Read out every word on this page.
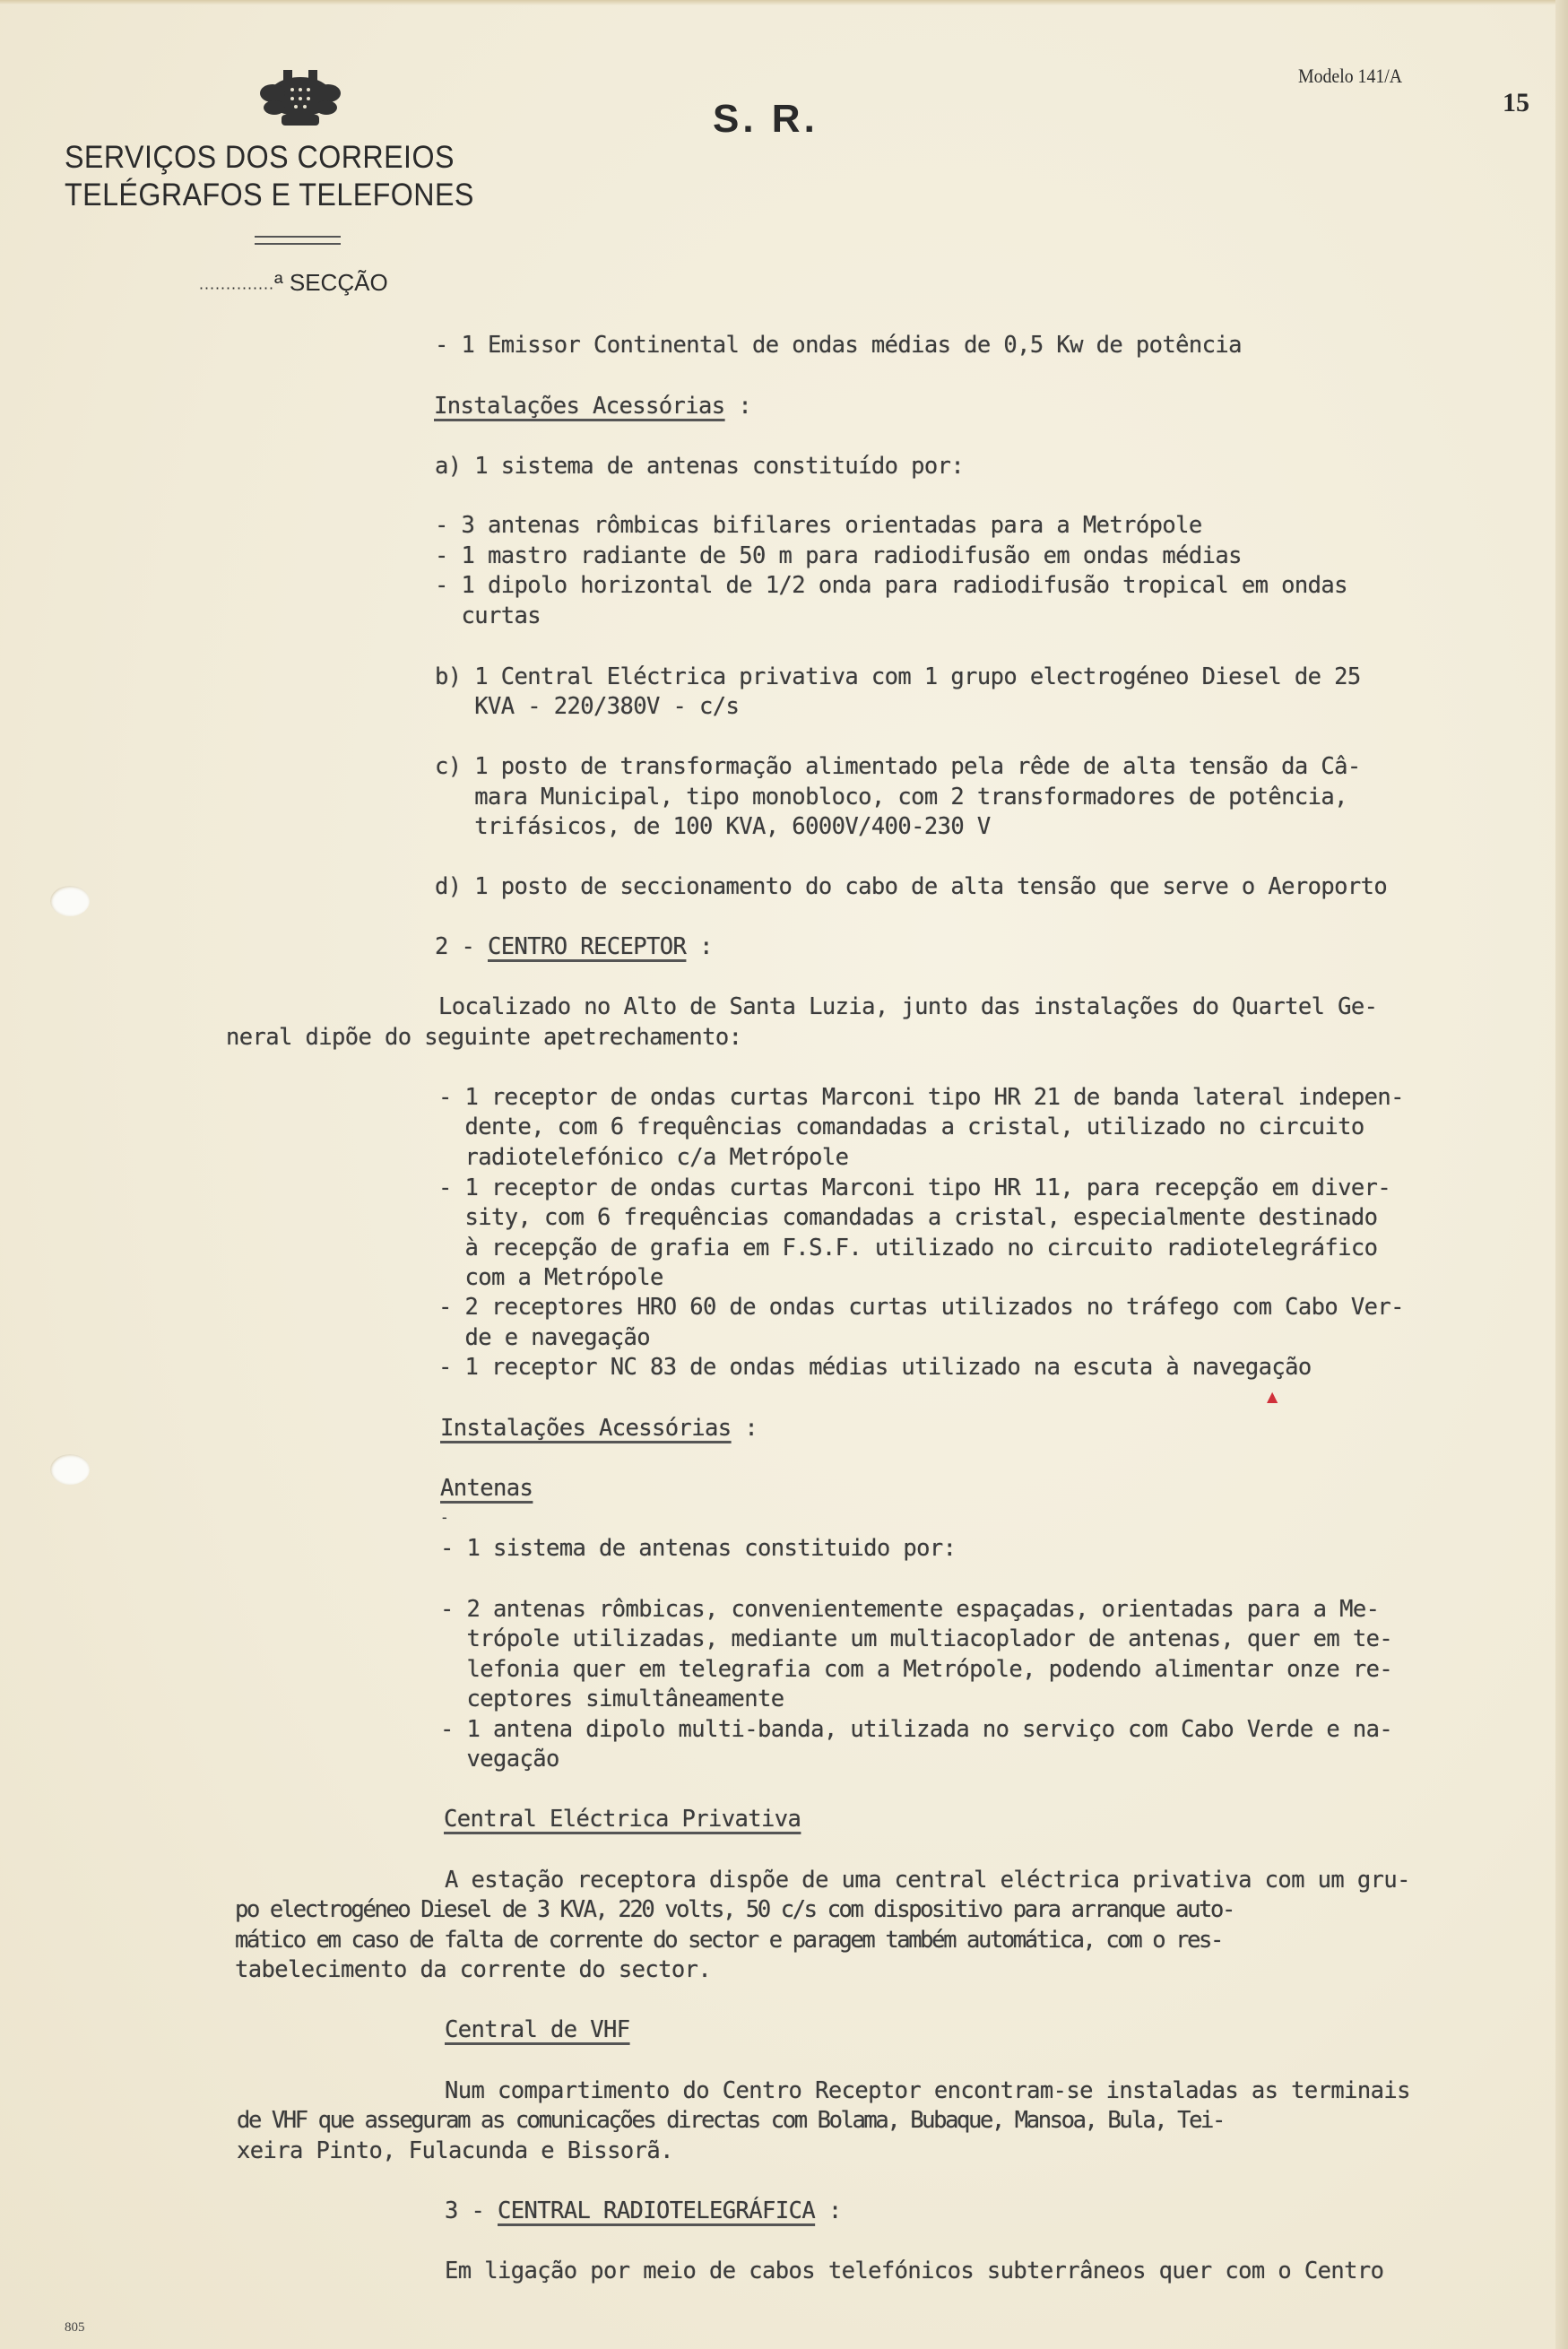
SERVIÇOS DOS CORREIOS
TELÉGRAFOS E TELEFONES
..............ª SECÇÃO
S. R.
Modelo 141/A
15
- 1 Emissor Continental de ondas médias de 0,5 Kw de potência
Instalações Acessórias :
a) 1 sistema de antenas constituído por:
- 3 antenas rômbicas bifilares orientadas para a Metrópole
- 1 mastro radiante de 50 m para radiodifusão em ondas médias
- 1 dipolo horizontal de 1/2 onda para radiodifusão tropical em ondas
curtas
b) 1 Central Eléctrica privativa com 1 grupo electrogéneo Diesel de 25
KVA - 220/380V - c/s
c) 1 posto de transformação alimentado pela rêde de alta tensão da Câ-
mara Municipal, tipo monobloco, com 2 transformadores de potência,
trifásicos, de 100 KVA, 6000V/400-230 V
d) 1 posto de seccionamento do cabo de alta tensão que serve o Aeroporto
2 - CENTRO RECEPTOR :
Localizado no Alto de Santa Luzia, junto das instalações do Quartel Ge-
neral dipõe do seguinte apetrechamento:
- 1 receptor de ondas curtas Marconi tipo HR 21 de banda lateral indepen-
dente, com 6 frequências comandadas a cristal, utilizado no circuito
radiotelefónico c/a Metrópole
- 1 receptor de ondas curtas Marconi tipo HR 11, para recepção em diver-
sity, com 6 frequências comandadas a cristal, especialmente destinado
à recepção de grafia em F.S.F. utilizado no circuito radiotelegráfico
com a Metrópole
- 2 receptores HRO 60 de ondas curtas utilizados no tráfego com Cabo Ver-
de e navegação
- 1 receptor NC 83 de ondas médias utilizado na escuta à navegação
▲
Instalações Acessórias :
Antenas
-
- 1 sistema de antenas constituido por:
- 2 antenas rômbicas, convenientemente espaçadas, orientadas para a Me-
trópole utilizadas, mediante um multiacoplador de antenas, quer em te-
lefonia quer em telegrafia com a Metrópole, podendo alimentar onze re-
ceptores simultâneamente
- 1 antena dipolo multi-banda, utilizada no serviço com Cabo Verde e na-
vegação
Central Eléctrica Privativa
A estação receptora dispõe de uma central eléctrica privativa com um gru-
po electrogéneo Diesel de 3 KVA, 220 volts, 50 c/s com dispositivo para arranque auto-
mático em caso de falta de corrente do sector e paragem também automática, com o res-
tabelecimento da corrente do sector.
Central de VHF
Num compartimento do Centro Receptor encontram-se instaladas as terminais
de VHF que asseguram as comunicações directas com Bolama, Bubaque, Mansoa, Bula, Tei-
xeira Pinto, Fulacunda e Bissorã.
3 - CENTRAL RADIOTELEGRÁFICA :
Em ligação por meio de cabos telefónicos subterrâneos quer com o Centro
805
